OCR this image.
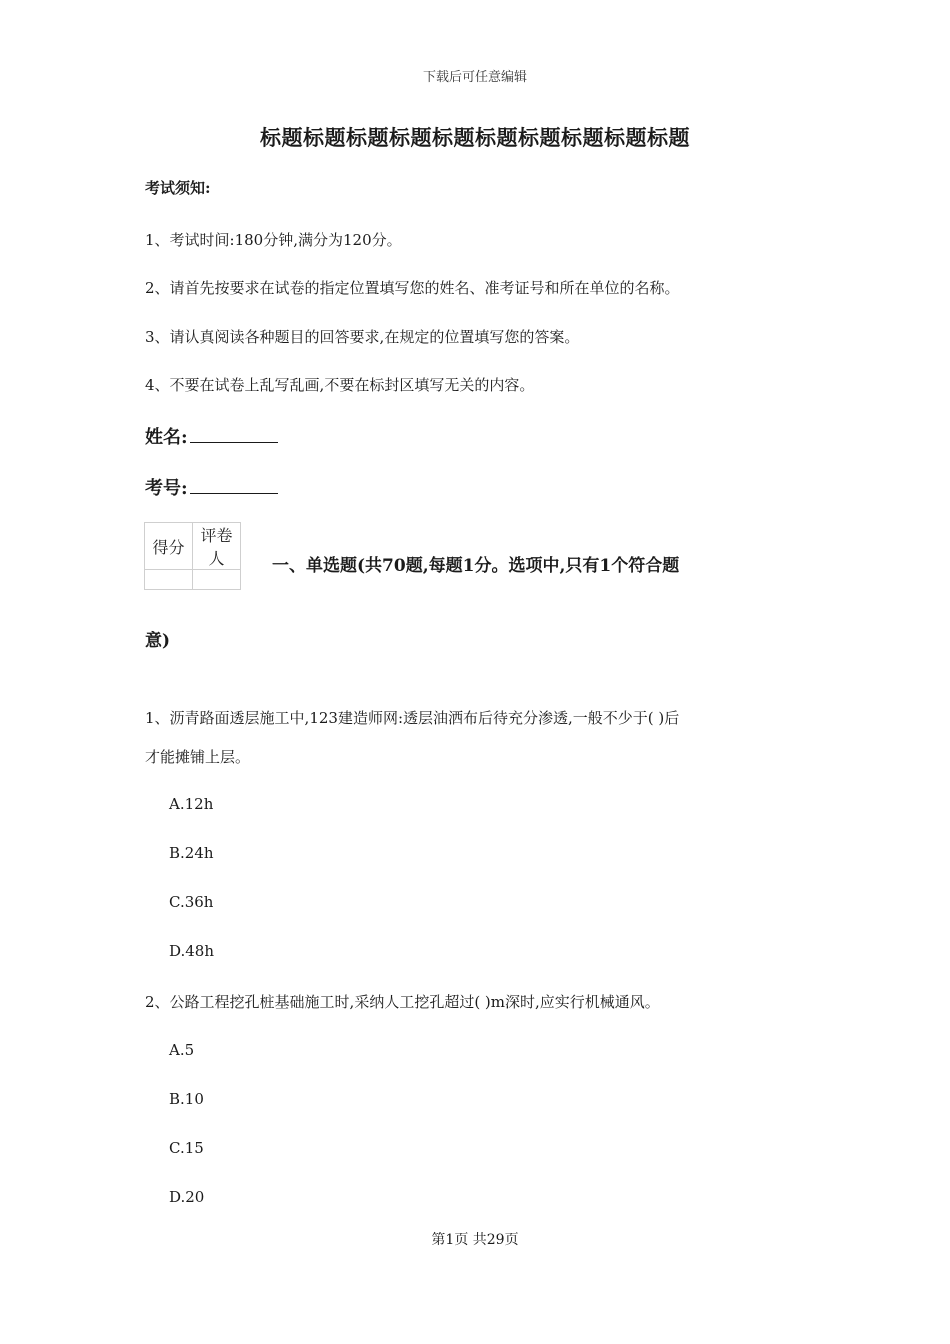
下载后可任意编辑
标题标题标题标题标题标题标题标题标题标题
考试须知:
1、考试时间:180分钟,满分为120分。
2、请首先按要求在试卷的指定位置填写您的姓名、准考证号和所在单位的名称。
3、请认真阅读各种题目的回答要求,在规定的位置填写您的答案。
4、不要在试卷上乱写乱画,不要在标封区填写无关的内容。
姓名:
考号:
得分	评卷人
		一、单选题(共70题,每题1分。选项中,只有1个符合题
意)
1、沥青路面透层施工中,123建造师网:透层油洒布后待充分渗透,一般不少于( )后
才能摊铺上层。
A.12h
B.24h
C.36h
D.48h
2、公路工程挖孔桩基础施工时,采纳人工挖孔超过( )m深时,应实行机械通风。
A.5
B.10
C.15
D.20
第1页 共29页
